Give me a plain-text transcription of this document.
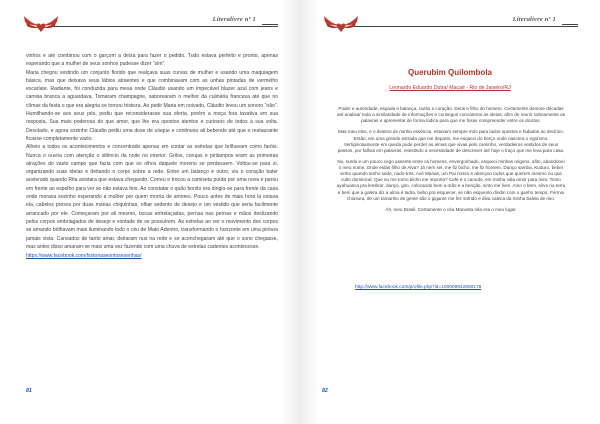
Literalivre nº 1

vinhos e até combinou com o garçom a deixa para fazer o pedido. Tudo estava perfeito e pronto, apenas esperando que a mulher de seus sonhos pudesse dizer “sim”.

Maria chegou vestindo um conjunto florido que realçava suas curvas de mulher e usando uma maquiagem básica, mas que deixava seus lábios atraentes e que combinavam com as unhas pintadas de vermelho escarlate. Radiante, foi conduzida para mesa onde Cláudio usando um impecável blazer azul com jeans e camisa branca a aguardava. Tomaram champagne, saborearam o melhor da culinária francesa até que no clímax da festa o que era alegria se tornou tristeza. Ao pedir Maria em noivado, Cláudio levou um sonoro “não”. Humilhando-se aos seus pés, pediu que reconsiderasse sua oferta, porém a moça fora taxativa em sua resposta. Sua mais poderosa do que amor, que lhe era opostos atentos e curiosos de todos à sua volta. Desolado, e agora sozinho Cláudio pediu uma dose de uísque e continuou ali bebendo até que o restaurante ficasse completamente vazio.

Alheio a todos os acontecimentos e concentrado apenas em contar as estrelas que brilhavam como faróis. Nunca o ouvira com atenção o silêncio da noite no interior. Grilos, corujas e pirilampos eram as primeiras atrações do vasto campo que fazia com que os olhos daquele moreno se perdessem. Voltou-se para si, organizando suas ideias e deitando o corpo sobre a rede. Entre um balanço e outro, viu o coração bater acelerado quando Rita avistara que estava chegando. Correu e trocou a camiseta puída por uma nova e parou em frente ao espelho para ver se não estava feio. Ao constatar o quão bonito era dirigiu-se para frente da casa onde morava sozinho esperando a mulher por quem morria de amores. Pouco antes de mais hora lá estava ela, cabelos presos por duas marias chiquinhas, olhar sedento de desejo e um vestido que seria facilmente arrancado por ele. Começaram por ali mesmo, bocas entrelaçadas, pernas nas pernas e mãos deslizando pelos corpos embriagados de desejo e vontade de se possuírem. As estrelas ao ver o movimento dos corpos se amando brilhavam mais iluminando todo o céu de Mato Adentro, transformando o horizonte em uma pintura jamais vista. Cansados de tanto amar, deitaram nus na rede e se aconchegaram até que o sono chegasse, mas antes disso amaram-se mais uma vez fazendo com uma chuva de estrelas cadentes acontecesse.

https://www.facebook.com/historiaseontosesenhas/
81
Literalivre nº 1
Querubim Quilombola
Leonardo Eduardo Dutra/ Macaé - Rio de Janeiro/RJ

Poder e autoridade, espada e balança, razão e coração. Deus e filho do homem. Certamente demore décadas até analisar toda a similaridade de informações e conseguir concatenar as ideias; afim de reunir sobriamente as palavras e apresentar de forma lúdica para que me fosse compreender entre os dicotos.

Mas meu elvo, e o destino de minha essência, estavam sempre indo para lados opostos e fadados ao declínio. Então, em uma grande estrada que me deparei, me esqueci do berço onde nascera o egoísmo. Vertiginosamente em queda pude perder as almas que vivas pelo caminho, verdadeiros vestidos de seus passos, por falhas em palavras, resistindo a necessidade de descrever até hoje o traço que me leva para casa.

Nu, surdo e um pouco cego assente entre os homens, envergonhado, esqueci minhas origens, afito, abandonei o meu nome. Onde estás filho de Alva? Já nem sei, me fiz bicho, me fiz homem. Danço samba, Kuduro, beber vinho quando tenho sede, nado-trés. Axé Marias, um Pai nosso e abençoo todos que querem mesmo ou que culto dominical: Que eu me torno bicho me importa? Café é o canudo, em minha vida amor para mim. Tomo ayahuasca pra lembrar, danço, giro, colocando bem a mão e a benção, sinto me livre. Amo o bem, sirvo na terra e bem que a galera diz a alma é ladra, bebo pra esquecer, se não esquento dindin com o ganho tempo. Férmio chiusura, de um tamanho de gente são o gigante me fez sofrido e diva caleca da minha baleia de riso.

Ah, meu Brasil. Certamente o céu Manosta não era o meu lugar.

http://www.facebook.com/profile.php?id=100009942850178
82
